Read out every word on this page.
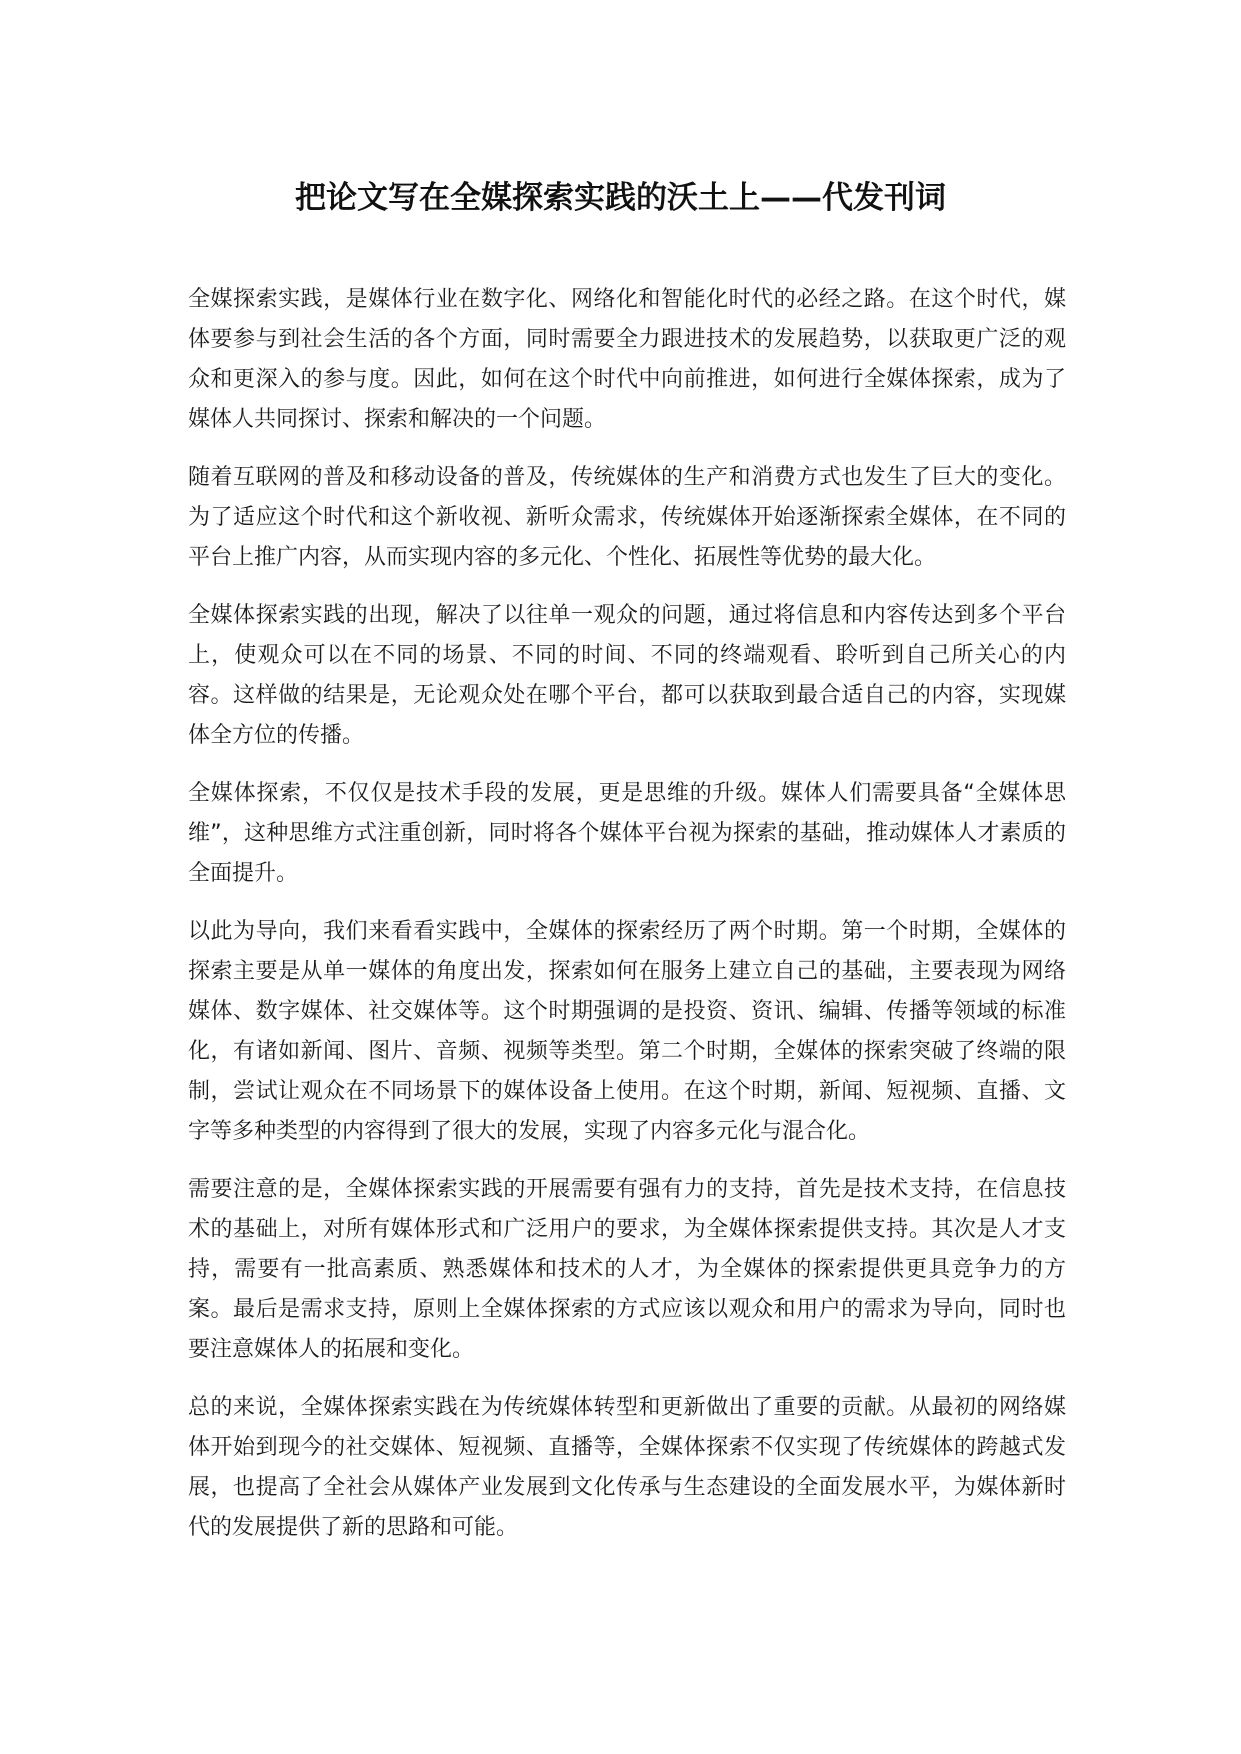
把论文写在全媒探索实践的沃土上——代发刊词

全媒探索实践，是媒体行业在数字化、网络化和智能化时代的必经之路。在这个时代，媒体要参与到社会生活的各个方面，同时需要全力跟进技术的发展趋势，以获取更广泛的观众和更深入的参与度。因此，如何在这个时代中向前推进，如何进行全媒体探索，成为了媒体人共同探讨、探索和解决的一个问题。

随着互联网的普及和移动设备的普及，传统媒体的生产和消费方式也发生了巨大的变化。为了适应这个时代和这个新收视、新听众需求，传统媒体开始逐渐探索全媒体，在不同的平台上推广内容，从而实现内容的多元化、个性化、拓展性等优势的最大化。

全媒体探索实践的出现，解决了以往单一观众的问题，通过将信息和内容传达到多个平台上，使观众可以在不同的场景、不同的时间、不同的终端观看、聆听到自己所关心的内容。这样做的结果是，无论观众处在哪个平台，都可以获取到最合适自己的内容，实现媒体全方位的传播。

全媒体探索，不仅仅是技术手段的发展，更是思维的升级。媒体人们需要具备“全媒体思维”，这种思维方式注重创新，同时将各个媒体平台视为探索的基础，推动媒体人才素质的全面提升。

以此为导向，我们来看看实践中，全媒体的探索经历了两个时期。第一个时期，全媒体的探索主要是从单一媒体的角度出发，探索如何在服务上建立自己的基础，主要表现为网络媒体、数字媒体、社交媒体等。这个时期强调的是投资、资讯、编辑、传播等领域的标准化，有诸如新闻、图片、音频、视频等类型。第二个时期，全媒体的探索突破了终端的限制，尝试让观众在不同场景下的媒体设备上使用。在这个时期，新闻、短视频、直播、文字等多种类型的内容得到了很大的发展，实现了内容多元化与混合化。

需要注意的是，全媒体探索实践的开展需要有强有力的支持，首先是技术支持，在信息技术的基础上，对所有媒体形式和广泛用户的要求，为全媒体探索提供支持。其次是人才支持，需要有一批高素质、熟悉媒体和技术的人才，为全媒体的探索提供更具竞争力的方案。最后是需求支持，原则上全媒体探索的方式应该以观众和用户的需求为导向，同时也要注意媒体人的拓展和变化。

总的来说，全媒体探索实践在为传统媒体转型和更新做出了重要的贡献。从最初的网络媒体开始到现今的社交媒体、短视频、直播等，全媒体探索不仅实现了传统媒体的跨越式发展，也提高了全社会从媒体产业发展到文化传承与生态建设的全面发展水平，为媒体新时代的发展提供了新的思路和可能。
